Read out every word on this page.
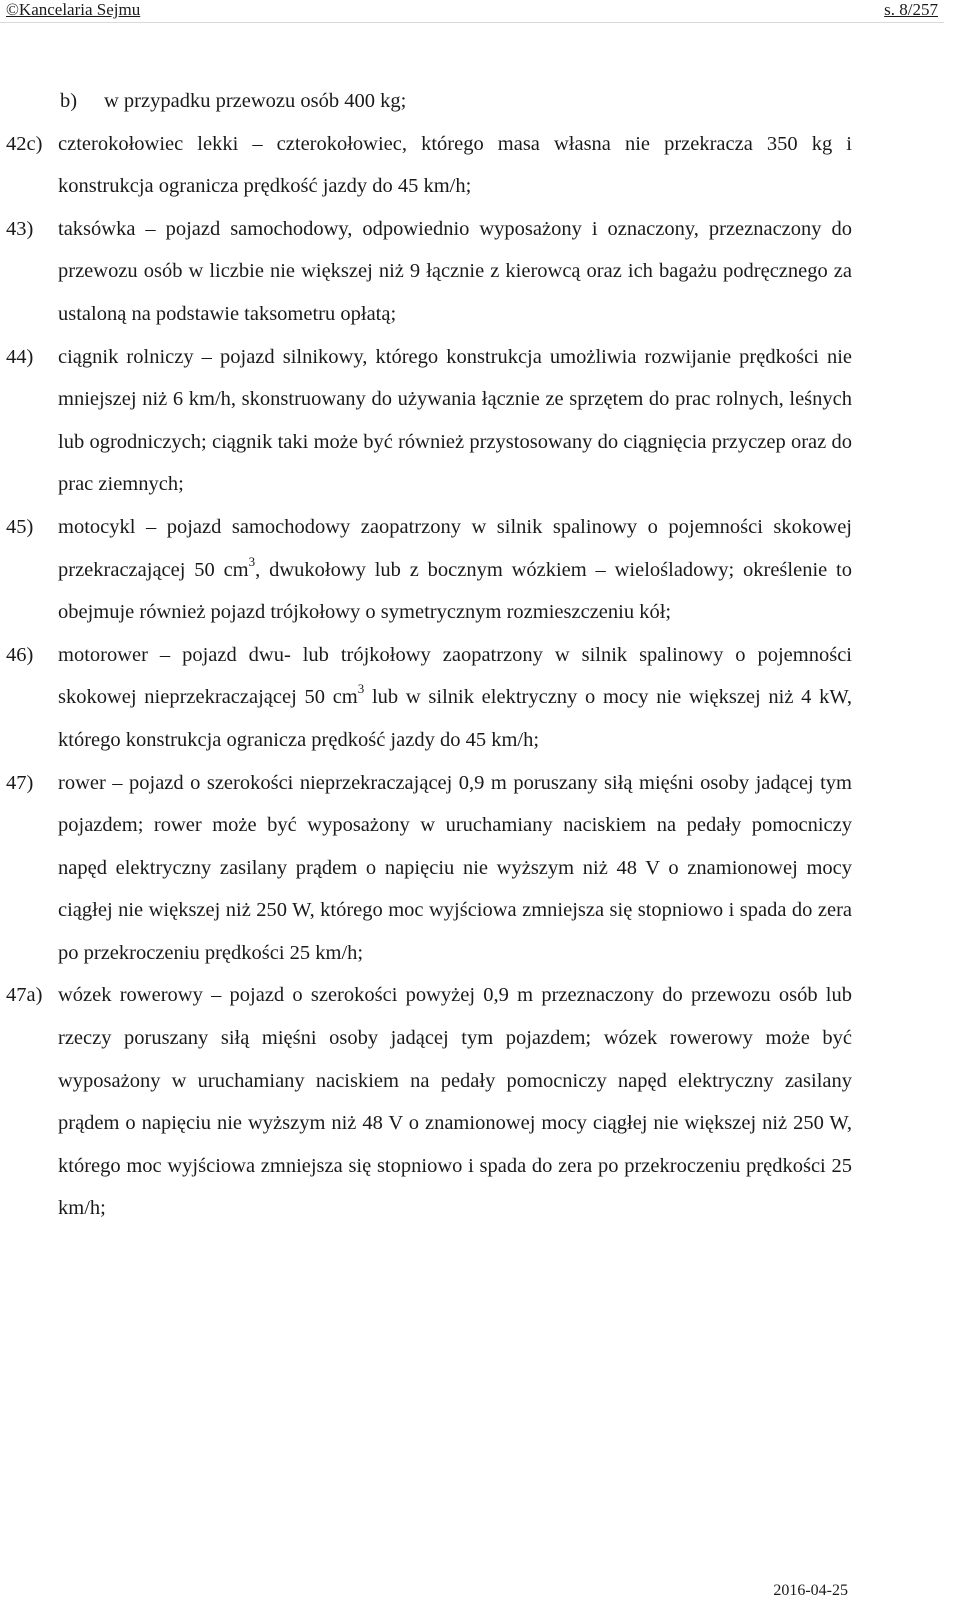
©Kancelaria Sejmu	s. 8/257
b)	w przypadku przewozu osób 400 kg;
42c) czterokołowiec lekki – czterokołowiec, którego masa własna nie przekracza 350 kg i konstrukcja ogranicza prędkość jazdy do 45 km/h;
43)	taksówka – pojazd samochodowy, odpowiednio wyposażony i oznaczony, przeznaczony do przewozu osób w liczbie nie większej niż 9 łącznie z kierowcą oraz ich bagażu podręcznego za ustaloną na podstawie taksometru opłatą;
44)	ciągnik rolniczy – pojazd silnikowy, którego konstrukcja umożliwia rozwijanie prędkości nie mniejszej niż 6 km/h, skonstruowany do używania łącznie ze sprzętem do prac rolnych, leśnych lub ogrodniczych; ciągnik taki może być również przystosowany do ciągnięcia przyczep oraz do prac ziemnych;
45)	motocykl – pojazd samochodowy zaopatrzony w silnik spalinowy o pojemności skokowej przekraczającej 50 $cm^3$, dwukołowy lub z bocznym wózkiem – wielośladowy; określenie to obejmuje również pojazd trójkołowy o symetrycznym rozmieszczeniu kół;
46)	motorower – pojazd dwu- lub trójkołowy zaopatrzony w silnik spalinowy o pojemności skokowej nieprzekraczającej 50 $cm^3$ lub w silnik elektryczny o mocy nie większej niż 4 kW, którego konstrukcja ogranicza prędkość jazdy do 45 km/h;
47)	rower – pojazd o szerokości nieprzekraczającej 0,9 m poruszany siłą mięśni osoby jadącej tym pojazdem; rower może być wyposażony w uruchamiany naciskiem na pedały pomocniczy napęd elektryczny zasilany prądem o napięciu nie wyższym niż 48 V o znamionowej mocy ciągłej nie większej niż 250 W, którego moc wyjściowa zmniejsza się stopniowo i spada do zera po przekroczeniu prędkości 25 km/h;
47a) wózek rowerowy – pojazd o szerokości powyżej 0,9 m przeznaczony do przewozu osób lub rzeczy poruszany siłą mięśni osoby jadącej tym pojazdem; wózek rowerowy może być wyposażony w uruchamiany naciskiem na pedały pomocniczy napęd elektryczny zasilany prądem o napięciu nie wyższym niż 48 V o znamionowej mocy ciągłej nie większej niż 250 W, którego moc wyjściowa zmniejsza się stopniowo i spada do zera po przekroczeniu prędkości 25 km/h;
2016-04-25
